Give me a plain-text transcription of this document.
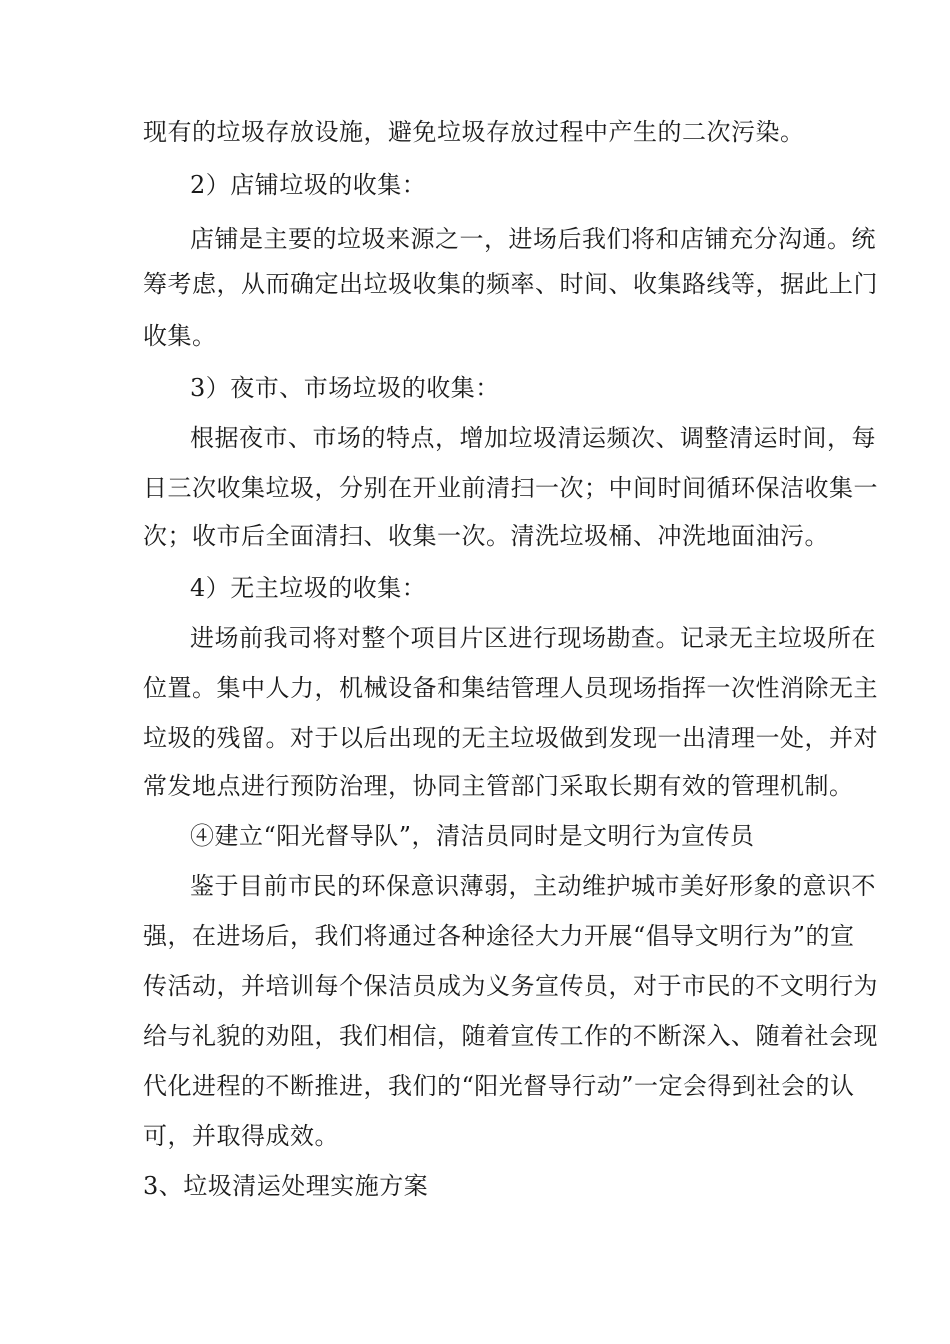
现有的垃圾存放设施，避免垃圾存放过程中产生的二次污染。
2）店铺垃圾的收集：
店铺是主要的垃圾来源之一，进场后我们将和店铺充分沟通。统
筹考虑，从而确定出垃圾收集的频率、时间、收集路线等，据此上门
收集。
3）夜市、市场垃圾的收集：
根据夜市、市场的特点，增加垃圾清运频次、调整清运时间，每
日三次收集垃圾，分别在开业前清扫一次；中间时间循环保洁收集一
次；收市后全面清扫、收集一次。清洗垃圾桶、冲洗地面油污。
4）无主垃圾的收集：
进场前我司将对整个项目片区进行现场勘查。记录无主垃圾所在
位置。集中人力，机械设备和集结管理人员现场指挥一次性消除无主
垃圾的残留。对于以后出现的无主垃圾做到发现一出清理一处，并对
常发地点进行预防治理，协同主管部门采取长期有效的管理机制。
④建立“阳光督导队”，清洁员同时是文明行为宣传员
鉴于目前市民的环保意识薄弱，主动维护城市美好形象的意识不
强，在进场后，我们将通过各种途径大力开展“倡导文明行为”的宣
传活动，并培训每个保洁员成为义务宣传员，对于市民的不文明行为
给与礼貌的劝阻，我们相信，随着宣传工作的不断深入、随着社会现
代化进程的不断推进，我们的“阳光督导行动”一定会得到社会的认
可，并取得成效。
3、垃圾清运处理实施方案
